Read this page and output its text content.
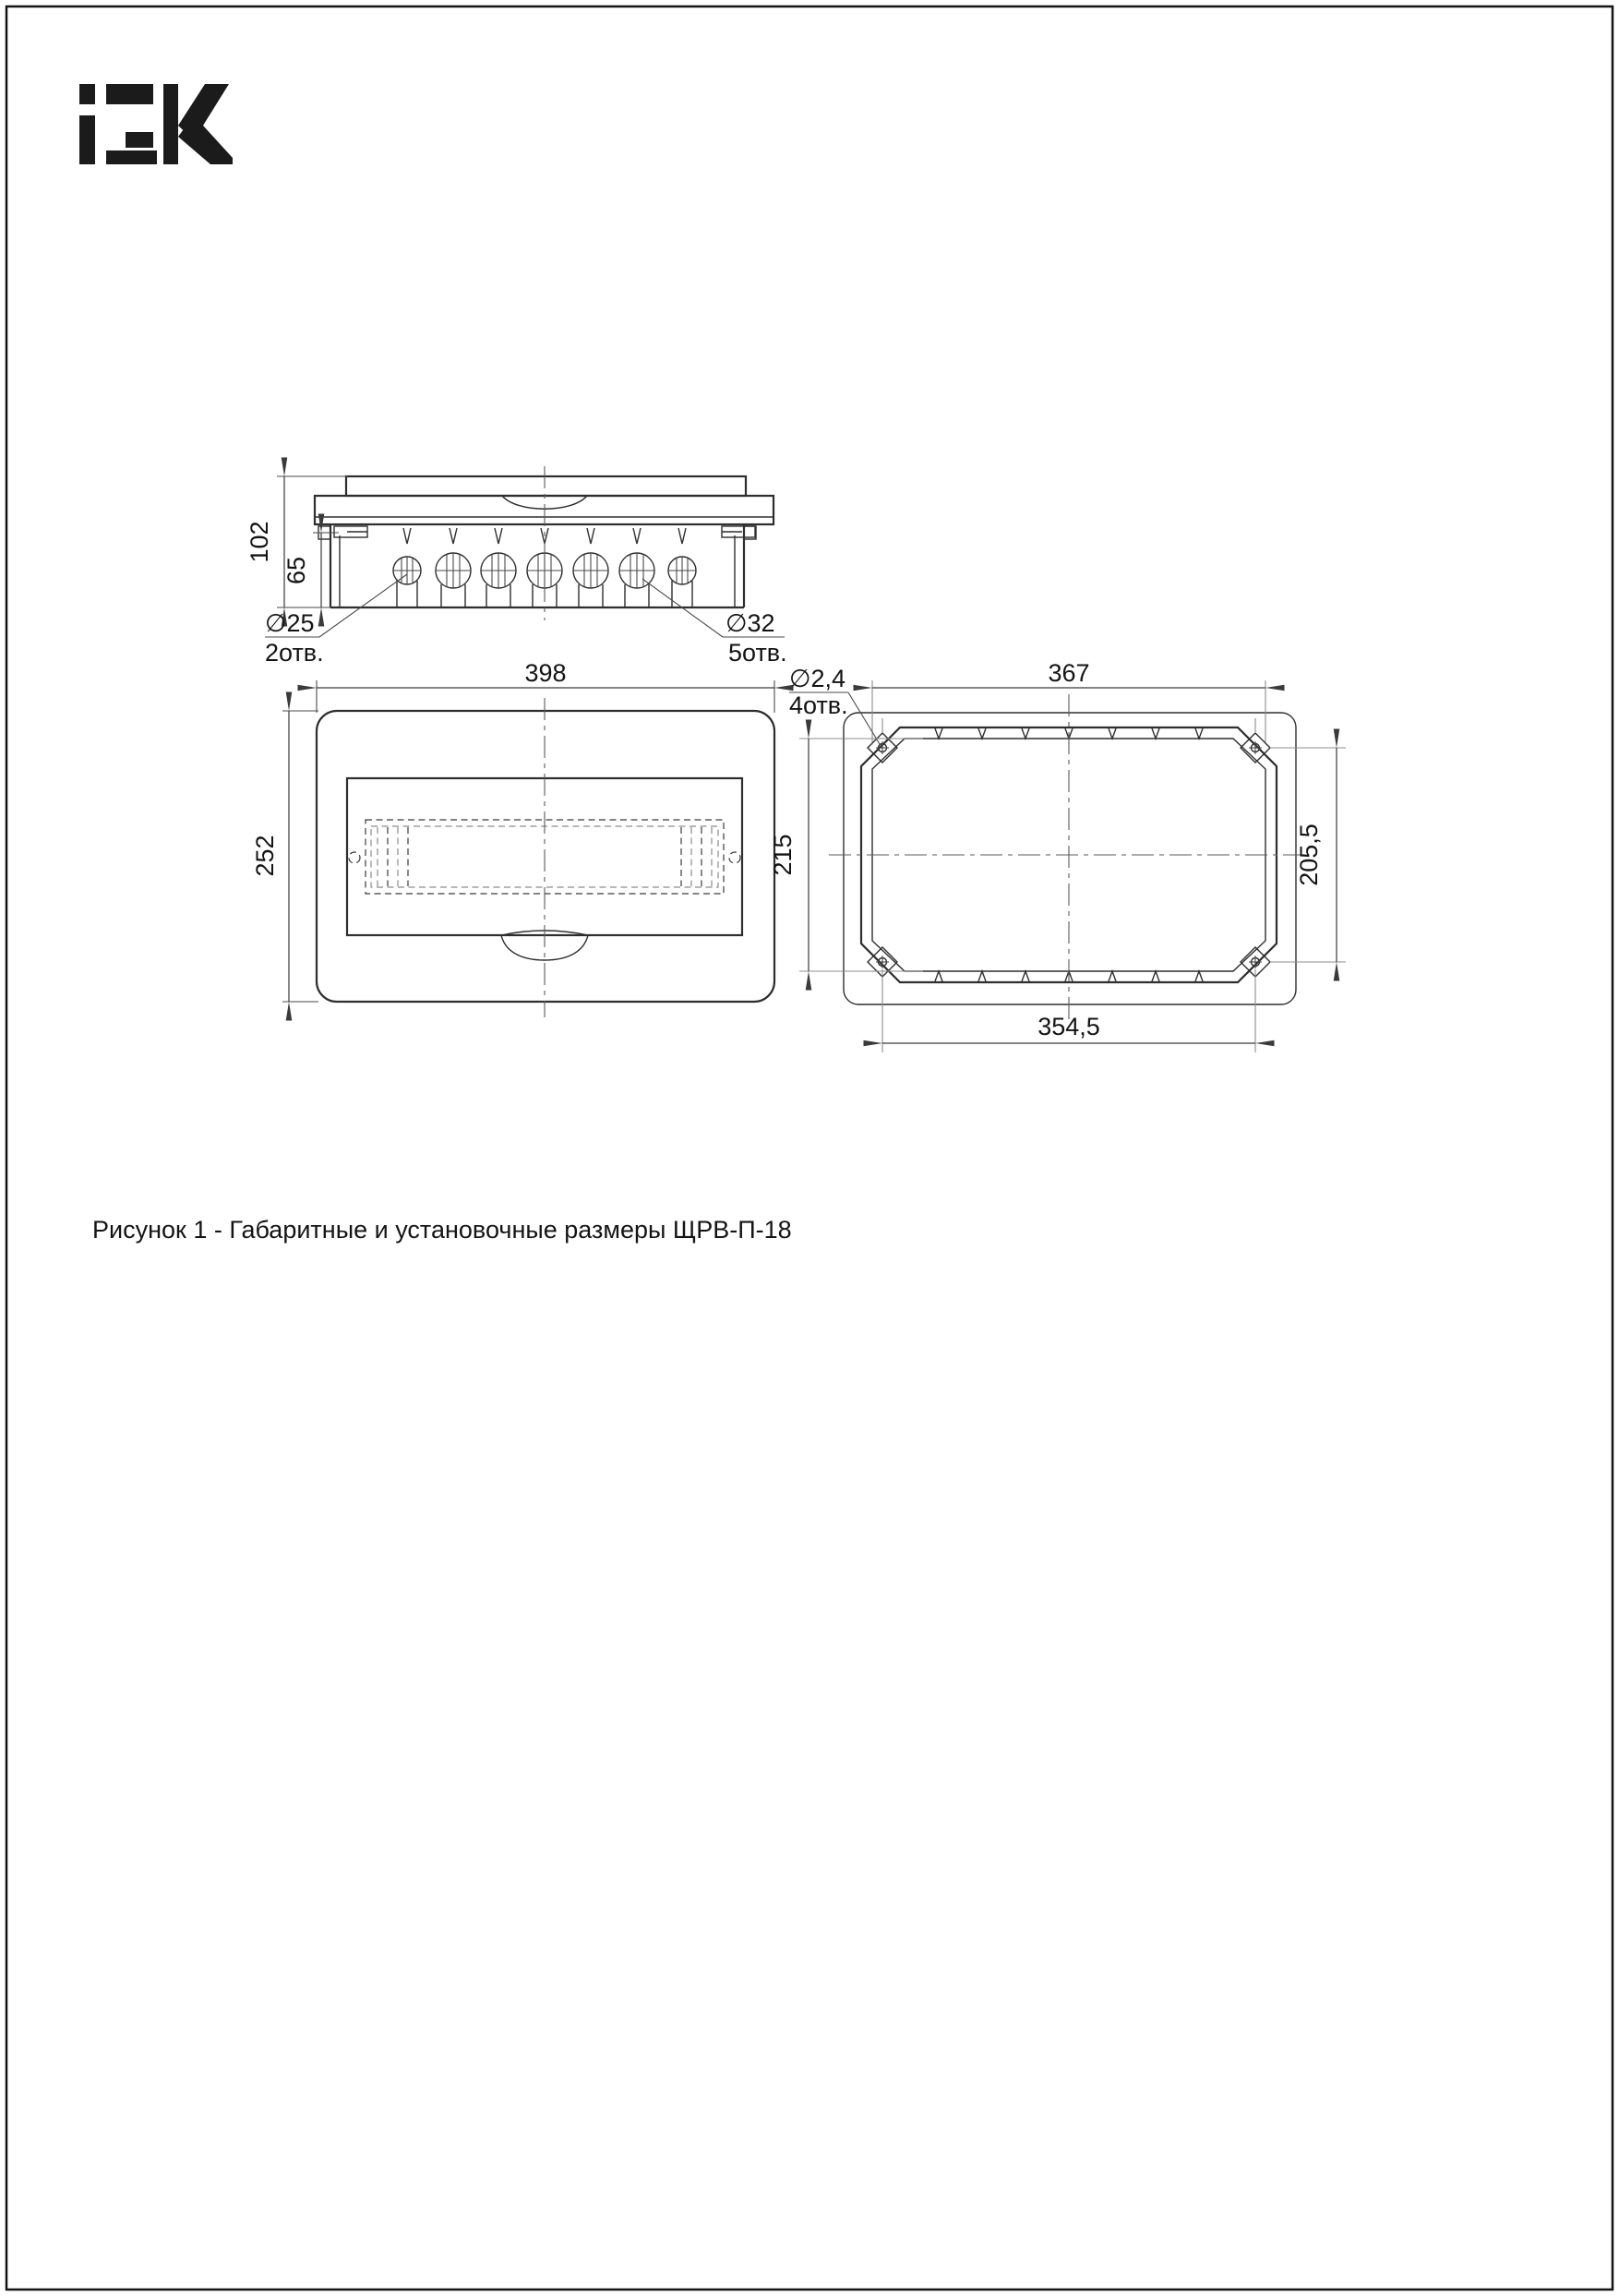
102
65
∅25
2отв.
∅32
5отв.
398
252
367
∅2,4
4отв.
215	205,5
354,5
Рисунок 1 - Габаритные и установочные размеры ЩРВ-П-18
